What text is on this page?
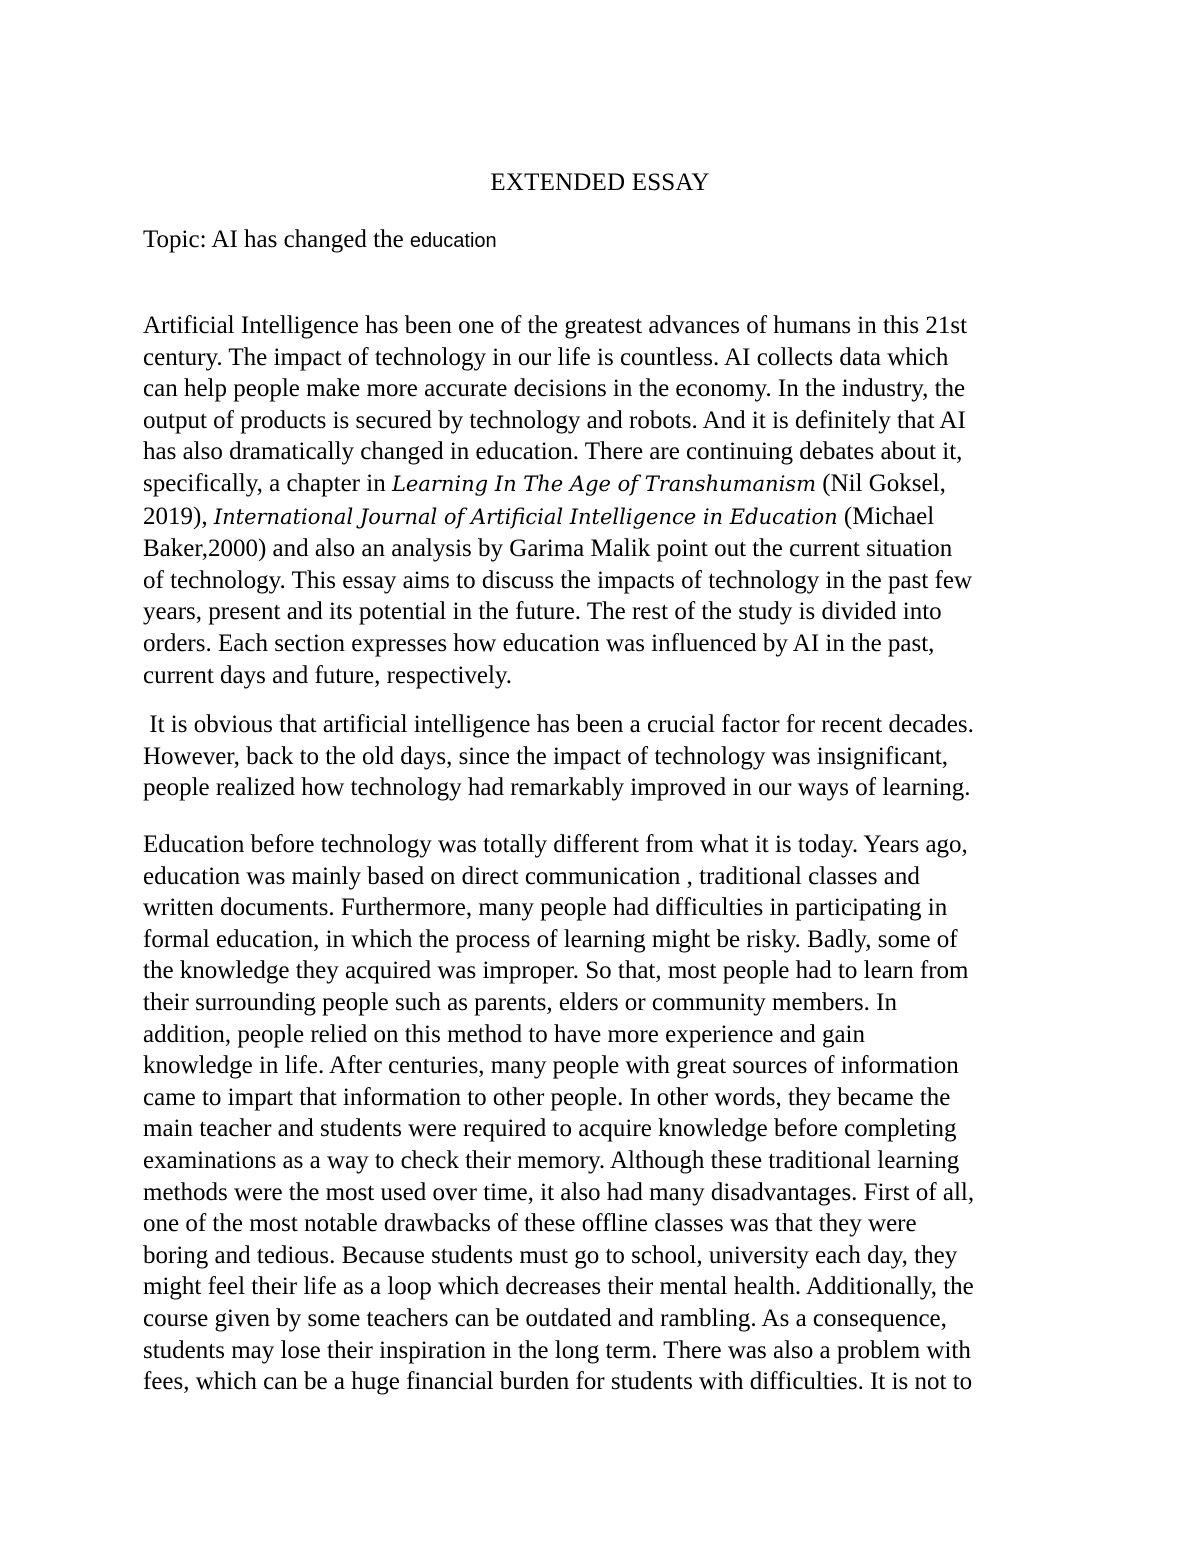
EXTENDED ESSAY
Topic: AI has changed the education
Artificial Intelligence has been one of the greatest advances of humans in this 21st
century. The impact of technology in our life is countless. AI collects data which
can help people make more accurate decisions in the economy. In the industry, the
output of products is secured by technology and robots. And it is definitely that AI
has also dramatically changed in education. There are continuing debates about it,
specifically, a chapter in Learning In The Age of Transhumanism (Nil Goksel,
2019), International Journal of Artificial Intelligence in Education (Michael
Baker,2000) and also an analysis by Garima Malik point out the current situation
of technology. This essay aims to discuss the impacts of technology in the past few
years, present and its potential in the future. The rest of the study is divided into
orders. Each section expresses how education was influenced by AI in the past,
current days and future, respectively.
It is obvious that artificial intelligence has been a crucial factor for recent decades.
However, back to the old days, since the impact of technology was insignificant,
people realized how technology had remarkably improved in our ways of learning.
Education before technology was totally different from what it is today. Years ago,
education was mainly based on direct communication , traditional classes and
written documents. Furthermore, many people had difficulties in participating in
formal education, in which the process of learning might be risky. Badly, some of
the knowledge they acquired was improper. So that, most people had to learn from
their surrounding people such as parents, elders or community members. In
addition, people relied on this method to have more experience and gain
knowledge in life. After centuries, many people with great sources of information
came to impart that information to other people. In other words, they became the
main teacher and students were required to acquire knowledge before completing
examinations as a way to check their memory. Although these traditional learning
methods were the most used over time, it also had many disadvantages. First of all,
one of the most notable drawbacks of these offline classes was that they were
boring and tedious. Because students must go to school, university each day, they
might feel their life as a loop which decreases their mental health. Additionally, the
course given by some teachers can be outdated and rambling. As a consequence,
students may lose their inspiration in the long term. There was also a problem with
fees, which can be a huge financial burden for students with difficulties. It is not to
